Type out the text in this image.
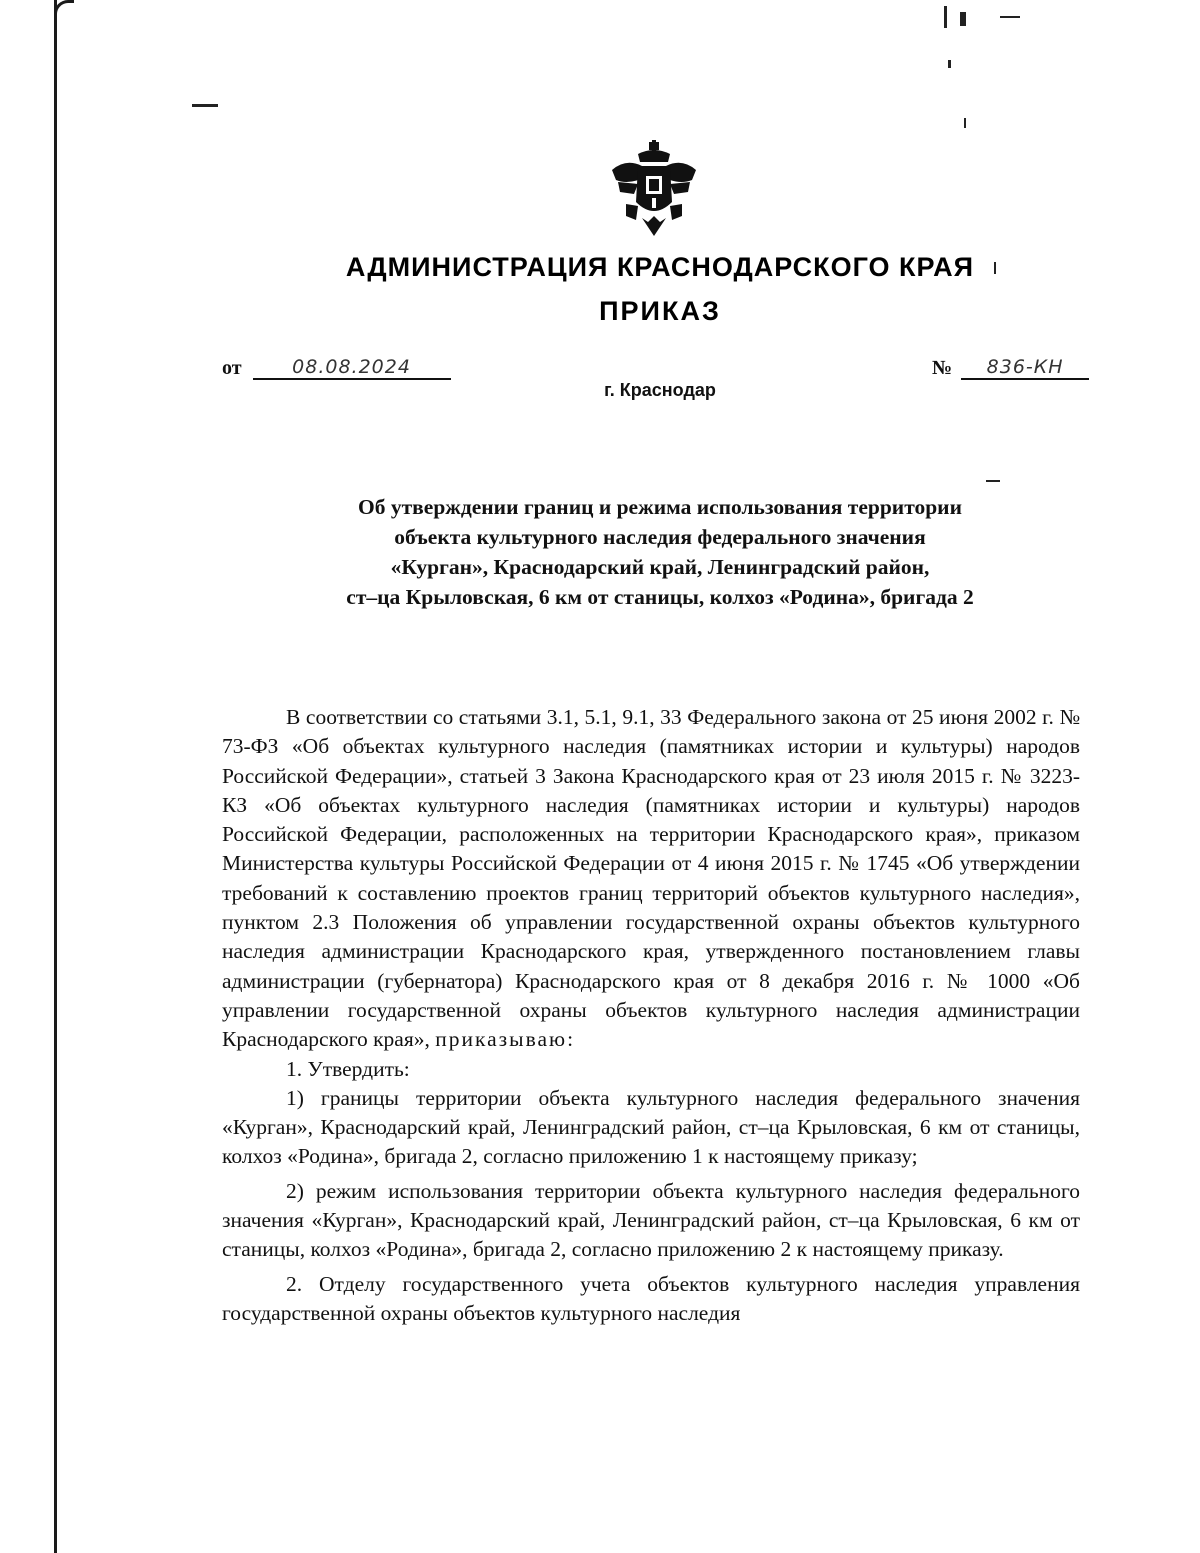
АДМИНИСТРАЦИЯ КРАСНОДАРСКОГО КРАЯ
ПРИКАЗ
от	08.08.2024
г. Краснодар
№ 836-КН
Об утверждении границ и режима использования территории
объекта культурного наследия федерального значения
«Курган», Краснодарский край, Ленинградский район,
ст–ца Крыловская, 6 км от станицы, колхоз «Родина», бригада 2

В соответствии со статьями 3.1, 5.1, 9.1, 33 Федерального закона от 25 июня 2002 г. № 73-ФЗ «Об объектах культурного наследия (памятниках истории и культуры) народов Российской Федерации», статьей 3 Закона Краснодарского края от 23 июля 2015 г. № 3223-КЗ «Об объектах культурного наследия (памятниках истории и культуры) народов Российской Федерации, расположенных на территории Краснодарского края», приказом Министерства культуры Российской Федерации от 4 июня 2015 г. № 1745 «Об утверждении требований к составлению проектов границ территорий объектов культурного наследия», пунктом 2.3 Положения об управлении государственной охраны объектов культурного наследия администрации Краснодарского края, утвержденного постановлением главы администрации (губернатора) Краснодарского края от 8 декабря 2016 г. № 1000 «Об управлении государственной охраны объектов культурного наследия администрации Краснодарского края», приказываю:

1. Утвердить:

1) границы территории объекта культурного наследия федерального значения «Курган», Краснодарский край, Ленинградский район, ст–ца Крыловская, 6 км от станицы, колхоз «Родина», бригада 2, согласно приложению 1 к настоящему приказу;

2) режим использования территории объекта культурного наследия федерального значения «Курган», Краснодарский край, Ленинградский район, ст–ца Крыловская, 6 км от станицы, колхоз «Родина», бригада 2, согласно приложению 2 к настоящему приказу.

2. Отделу государственного учета объектов культурного наследия управления государственной охраны объектов культурного наследия
